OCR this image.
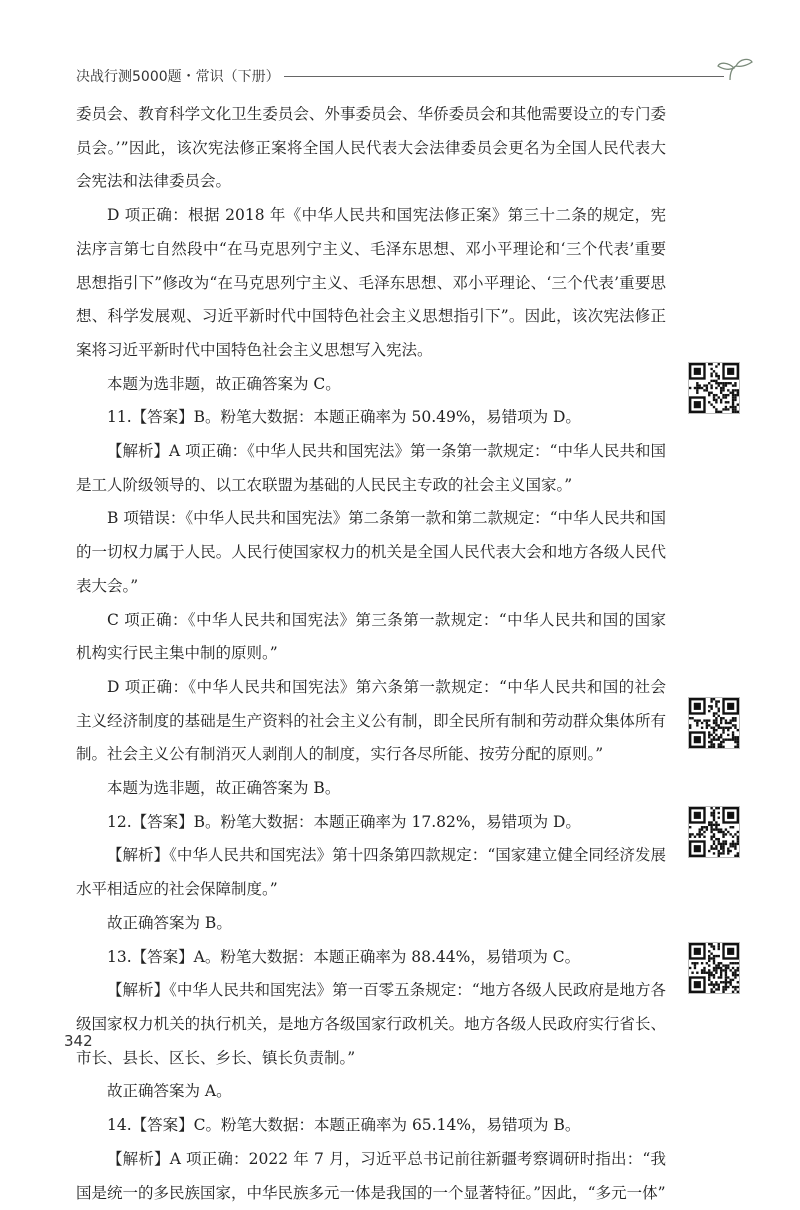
决战行测5000题・常识（下册）

委员会、教育科学文化卫生委员会、外事委员会、华侨委员会和其他需要设立的专门委员会。’”因此，该次宪法修正案将全国人民代表大会法律委员会更名为全国人民代表大会宪法和法律委员会。

D 项正确：根据 2018 年《中华人民共和国宪法修正案》第三十二条的规定，宪法序言第七自然段中“在马克思列宁主义、毛泽东思想、邓小平理论和‘三个代表’重要思想指引下”修改为“在马克思列宁主义、毛泽东思想、邓小平理论、‘三个代表’重要思想、科学发展观、习近平新时代中国特色社会主义思想指引下”。因此，该次宪法修正案将习近平新时代中国特色社会主义思想写入宪法。

本题为选非题，故正确答案为 C。

11.【答案】B。粉笔大数据：本题正确率为 50.49%，易错项为 D。

【解析】A 项正确：《中华人民共和国宪法》第一条第一款规定：“中华人民共和国是工人阶级领导的、以工农联盟为基础的人民民主专政的社会主义国家。”

B 项错误：《中华人民共和国宪法》第二条第一款和第二款规定：“中华人民共和国的一切权力属于人民。人民行使国家权力的机关是全国人民代表大会和地方各级人民代表大会。”

C 项正确：《中华人民共和国宪法》第三条第一款规定：“中华人民共和国的国家机构实行民主集中制的原则。”

D 项正确：《中华人民共和国宪法》第六条第一款规定：“中华人民共和国的社会主义经济制度的基础是生产资料的社会主义公有制，即全民所有制和劳动群众集体所有制。社会主义公有制消灭人剥削人的制度，实行各尽所能、按劳分配的原则。”

本题为选非题，故正确答案为 B。

12.【答案】B。粉笔大数据：本题正确率为 17.82%，易错项为 D。

【解析】《中华人民共和国宪法》第十四条第四款规定：“国家建立健全同经济发展水平相适应的社会保障制度。”

故正确答案为 B。

13.【答案】A。粉笔大数据：本题正确率为 88.44%，易错项为 C。

【解析】《中华人民共和国宪法》第一百零五条规定：“地方各级人民政府是地方各级国家权力机关的执行机关，是地方各级国家行政机关。地方各级人民政府实行省长、市长、县长、区长、乡长、镇长负责制。”

故正确答案为 A。

14.【答案】C。粉笔大数据：本题正确率为 65.14%，易错项为 B。

【解析】A 项正确：2022 年 7 月，习近平总书记前往新疆考察调研时指出：“我国是统一的多民族国家，中华民族多元一体是我国的一个显著特征。”因此，“多元一体”

342
